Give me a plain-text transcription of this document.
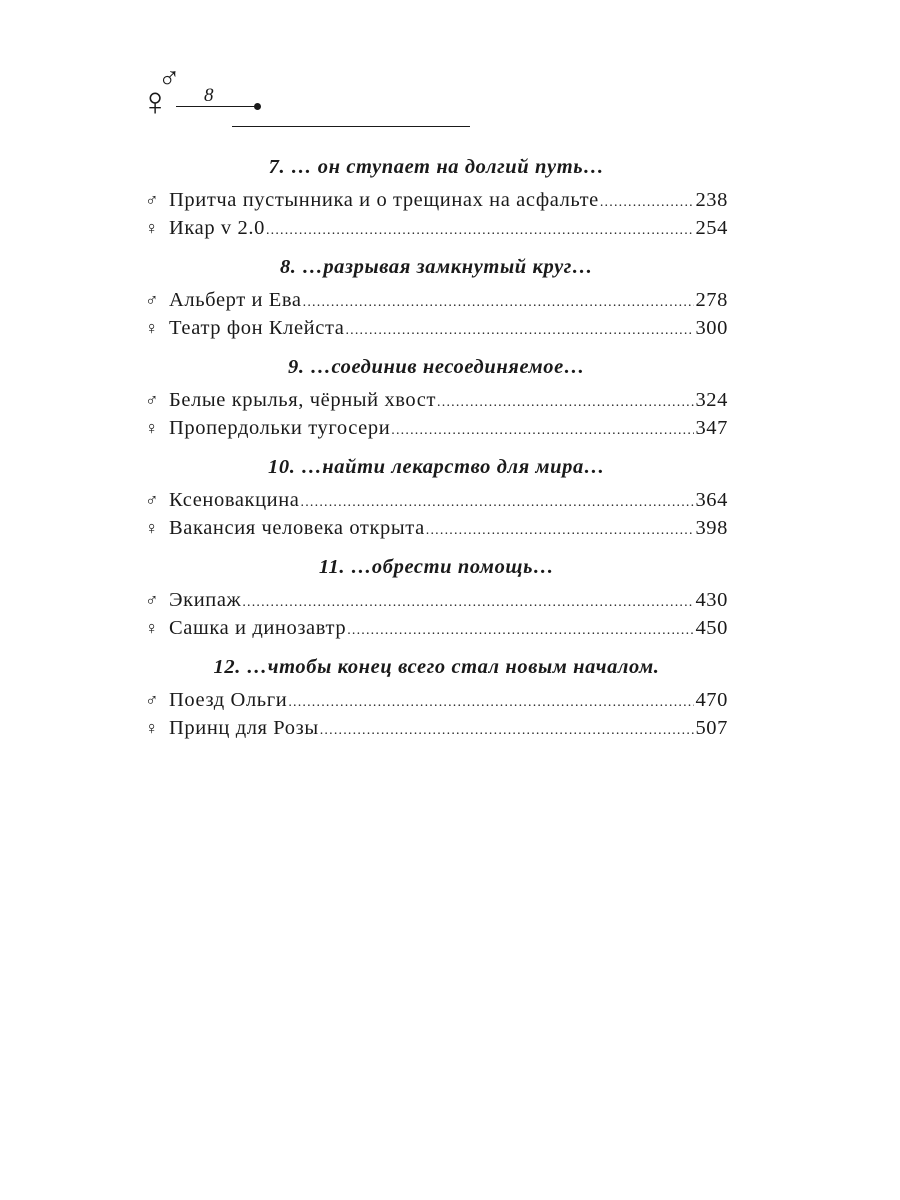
♀
♂
8
7. … он ступает на долгий путь…
♂ Притча пустынника и о трещинах на асфальте .....	238
♀ Икар v 2.0 .....	254
8. …разрывая замкнутый круг…
♂ Альберт и Ева .....	278
♀ Театр фон Клейста .....	300
9. …соединив несоединяемое…
♂ Белые крылья, чёрный хвост .....	324
♀ Пропердольки тугосери .....	347
10. …найти лекарство для мира…
♂ Ксеновакцина .....	364
♀ Вакансия человека открыта .....	398
11. …обрести помощь…
♂ Экипаж .....	430
♀ Сашка и динозавтр .....	450
12. …чтобы конец всего стал новым началом.
♂ Поезд Ольги .....	470
♀ Принц для Розы .....	507
